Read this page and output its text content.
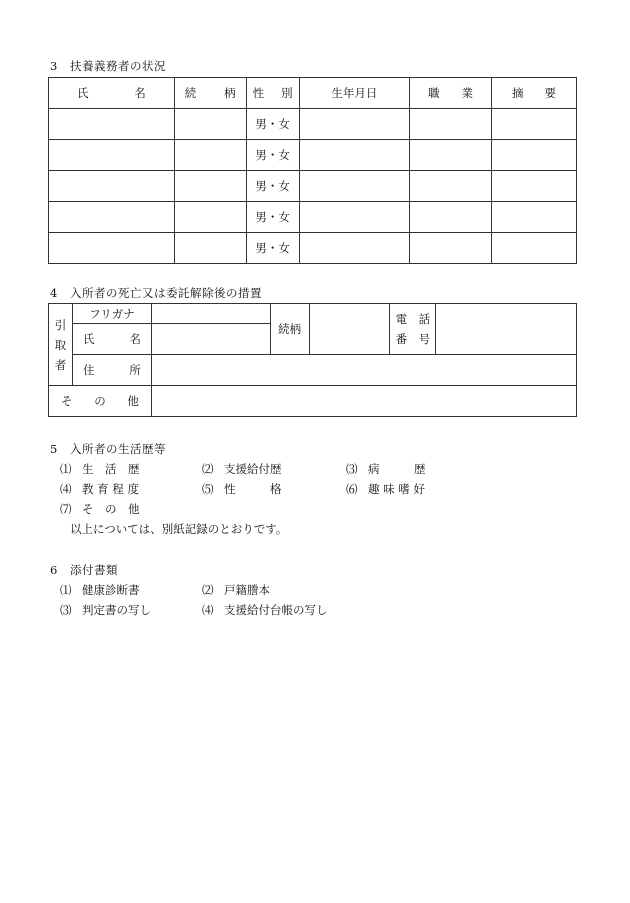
3 扶養義務者の状況
氏 名	続 柄	性 別	生年月日	職 業	摘 要

		男・女			
		男・女			
		男・女			
		男・女			
		男・女			
4 入所者の死亡又は委託解除後の措置
引
取
者	フリガナ		続柄		電　話
番　号	

	氏 名					

	住 所					

そ の 他						

5 入所者の生活歴等
⑴ 生　活　歴	⑵ 支援給付歴	⑶ 病　　　歴
⑷ 教 育 程 度	⑸ 性　　　格	⑹ 趣 味 嗜 好
⑺ そ　の　他
以上については、別紙記録のとおりです。
6 添付書類
⑴ 健康診断書	⑵ 戸籍謄本
⑶ 判定書の写し	⑷ 支援給付台帳の写し
